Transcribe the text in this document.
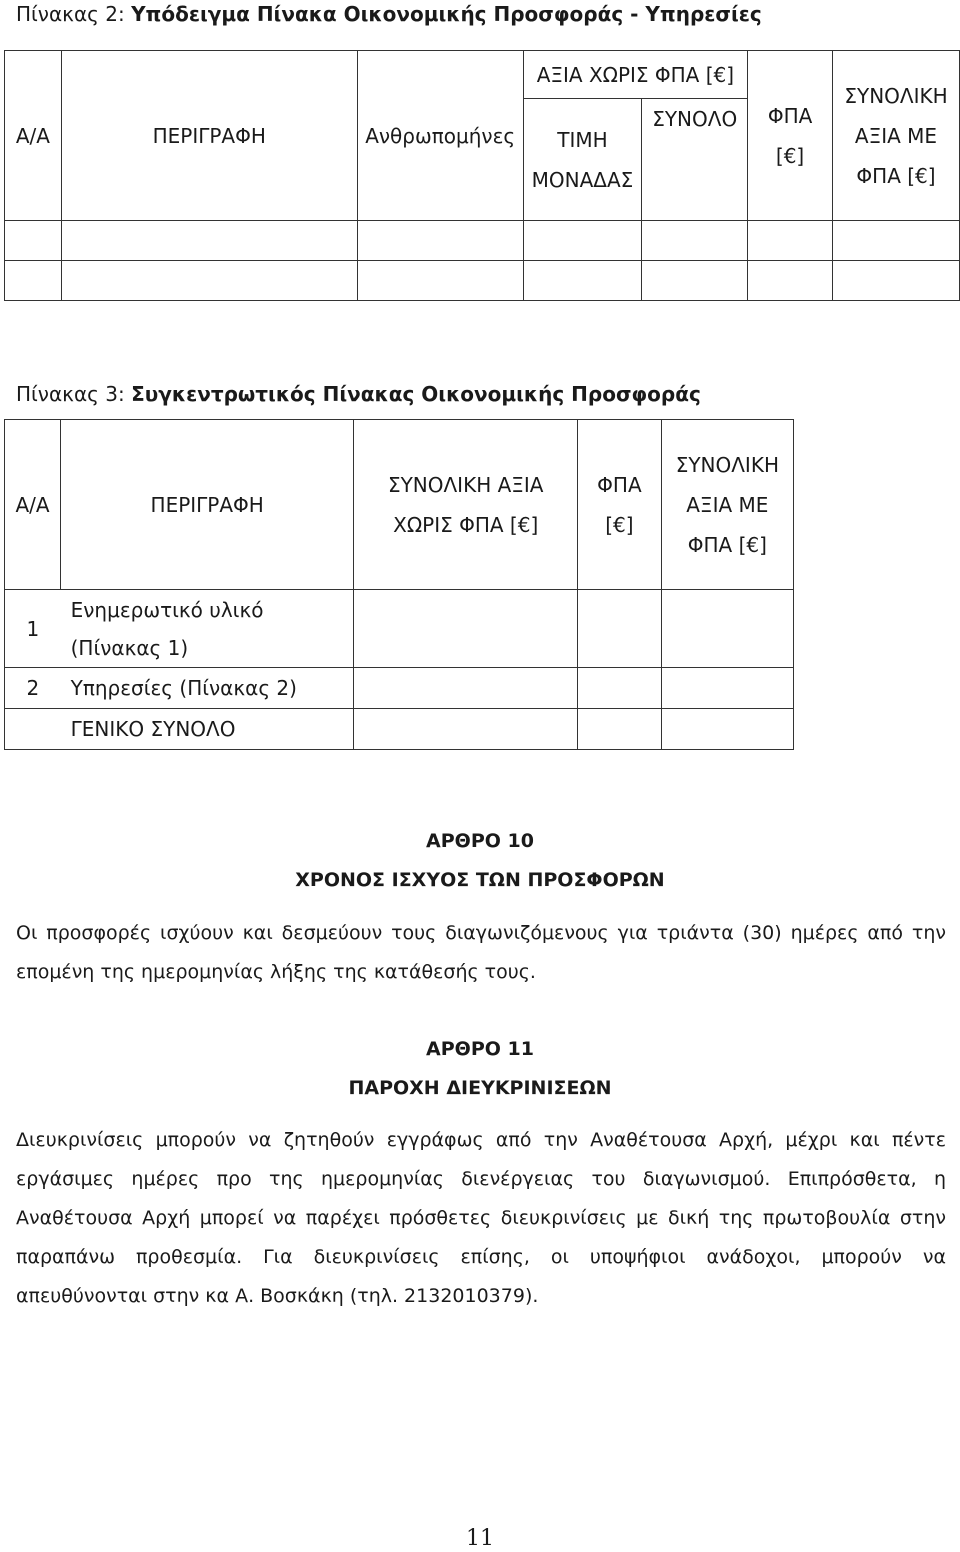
Πίνακας 2: Υπόδειγμα Πίνακα Οικονομικής Προσφοράς - Υπηρεσίες
Α/Α	ΠΕΡΙΓΡΑΦΗ	Ανθρωπομήνες	ΑΞΙΑ ΧΩΡΙΣ ΦΠΑ [€]		ΦΠΑ [€]	ΣΥΝΟΛΙΚΗ ΑΞΙΑ ΜΕ ΦΠΑ [€]
			ΤΙΜΗ ΜΟΝΑΔΑΣ	ΣΥΝΟΛΟ		

Πίνακας 3: Συγκεντρωτικός Πίνακας Οικονομικής Προσφοράς
Α/Α	ΠΕΡΙΓΡΑΦΗ	ΣΥΝΟΛΙΚΗ ΑΞΙΑ ΧΩΡΙΣ ΦΠΑ [€]	ΦΠΑ [€]	ΣΥΝΟΛΙΚΗ ΑΞΙΑ ΜΕ ΦΠΑ [€]
1	Ενημερωτικό υλικό (Πίνακας 1)			
2	Υπηρεσίες (Πίνακας 2)			
	ΓΕΝΙΚΟ ΣΥΝΟΛΟ			
ΑΡΘΡΟ 10
ΧΡΟΝΟΣ ΙΣΧΥΟΣ ΤΩΝ ΠΡΟΣΦΟΡΩΝ
Οι προσφορές ισχύουν και δεσμεύουν τους διαγωνιζόμενους για τριάντα (30) ημέρες από την επομένη της ημερομηνίας λήξης της κατάθεσής τους.
ΑΡΘΡΟ 11
ΠΑΡΟΧΗ ΔΙΕΥΚΡΙΝΙΣΕΩΝ
Διευκρινίσεις μπορούν να ζητηθούν εγγράφως από την Αναθέτουσα Αρχή, μέχρι και πέντε εργάσιμες ημέρες προ της ημερομηνίας διενέργειας του διαγωνισμού. Επιπρόσθετα, η Αναθέτουσα Αρχή μπορεί να παρέχει πρόσθετες διευκρινίσεις με δική της πρωτοβουλία στην παραπάνω προθεσμία. Για διευκρινίσεις επίσης, οι υποψήφιοι ανάδοχοι, μπορούν να απευθύνονται στην κα Α. Βοσκάκη (τηλ. 2132010379).
11
